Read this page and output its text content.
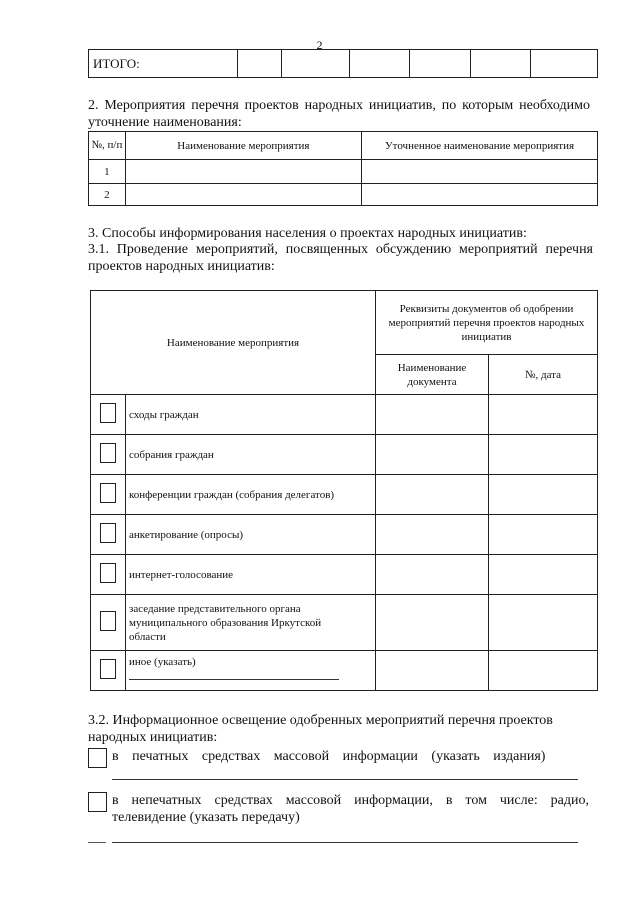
2
ИТОГО:						
2. Мероприятия перечня проектов народных инициатив, по которым необходимо уточнение наименования:
№, п/п	Наименование мероприятия	Уточненное наименование мероприятия
1		
2		
3. Способы информирования населения о проектах народных инициатив:
3.1. Проведение мероприятий, посвященных обсуждению мероприятий перечня проектов народных инициатив:
Наименование мероприятия		Реквизиты документов об одобрении мероприятий перечня проектов народных инициатив	
		Наименование документа	№, дата
	сходы граждан		
	собрания граждан		
	конференции граждан (собрания делегатов)		
	анкетирование (опросы)		
	интернет-голосование		
	заседание представительного органа муниципального образования Иркутской области		

	иное (указать)		

3.2. Информационное освещение одобренных мероприятий перечня проектов народных инициатив:
в печатных средствах массовой информации (указать издания)
в непечатных средствах массовой информации, в том числе: радио, телевидение (указать передачу)
